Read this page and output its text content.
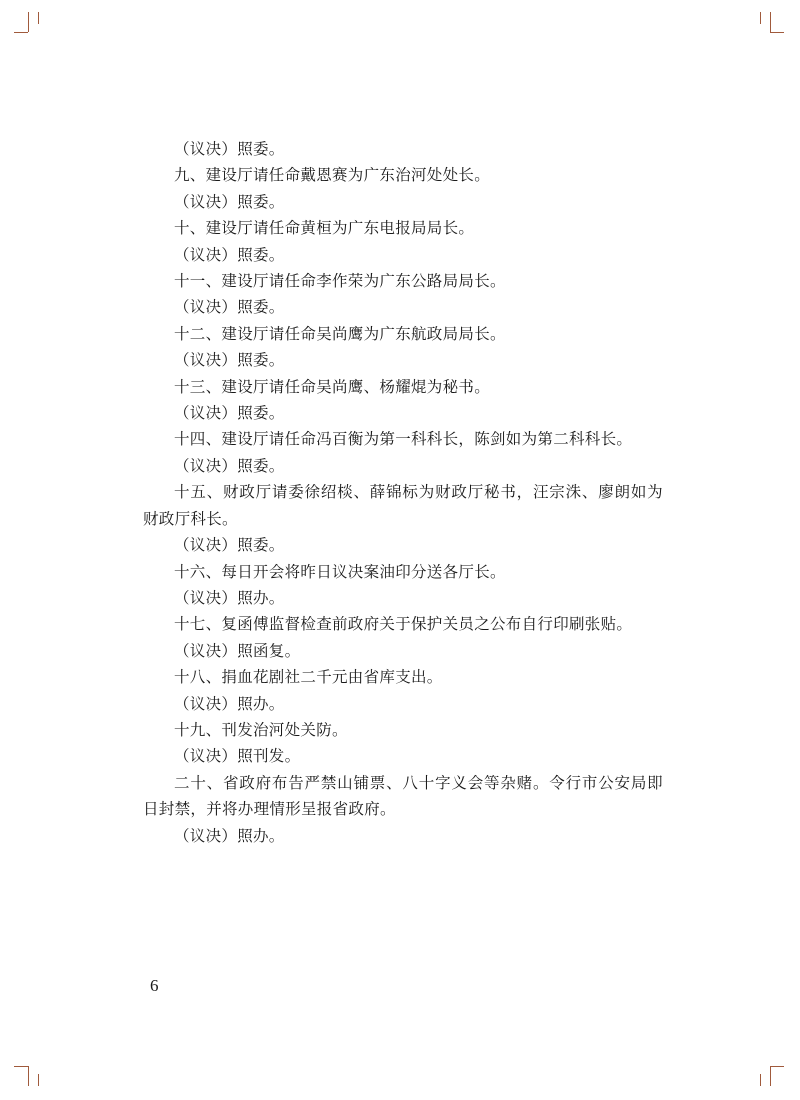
（议决）照委。

九、建设厅请任命戴恩赛为广东治河处处长。

（议决）照委。

十、建设厅请任命黄桓为广东电报局局长。

（议决）照委。

十一、建设厅请任命李作荣为广东公路局局长。

（议决）照委。

十二、建设厅请任命吴尚鹰为广东航政局局长。

（议决）照委。

十三、建设厅请任命吴尚鹰、杨耀焜为秘书。

（议决）照委。

十四、建设厅请任命冯百衡为第一科科长，陈剑如为第二科科长。

（议决）照委。

十五、财政厅请委徐绍棪、薛锦标为财政厅秘书，汪宗洙、廖朗如为财政厅科长。

（议决）照委。

十六、每日开会将昨日议决案油印分送各厅长。

（议决）照办。

十七、复函傅监督检查前政府关于保护关员之公布自行印刷张贴。

（议决）照函复。

十八、捐血花剧社二千元由省库支出。

（议决）照办。

十九、刊发治河处关防。

（议决）照刊发。

二十、省政府布告严禁山铺票、八十字义会等杂赌。令行市公安局即日封禁，并将办理情形呈报省政府。

（议决）照办。

6
